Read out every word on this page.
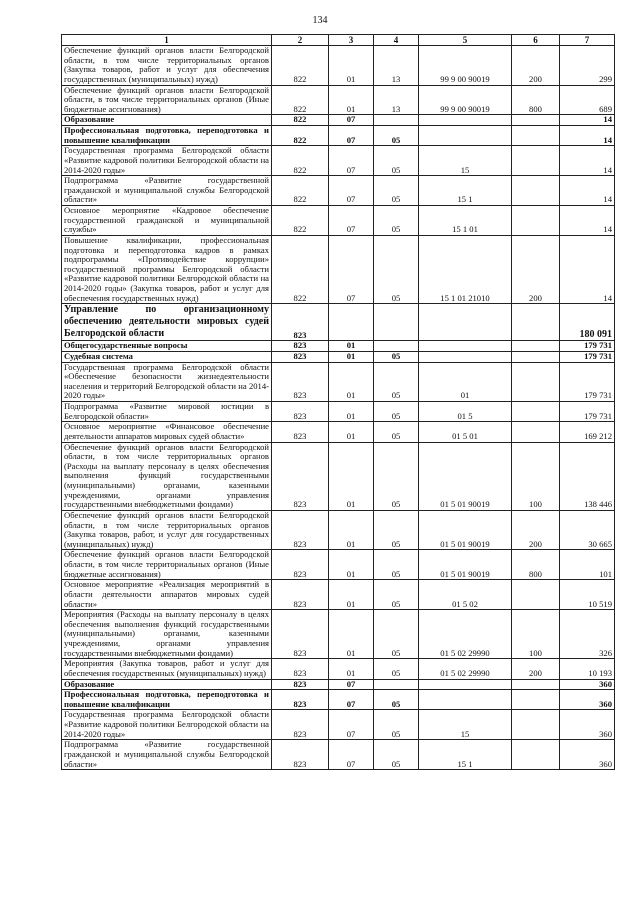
134
1	2	3	4	5	6	7
Обеспечение функций органов власти Белгородской области, в том числе территориальных органов (Закупка товаров, работ и услуг для обеспечения государственных (муниципальных) нужд)	822	01	13	99 9 00 90019	200	299
Обеспечение функций органов власти Белгородской области, в том числе территориальных органов (Иные бюджетные ассигнования)	822	01	13	99 9 00 90019	800	689
Образование	822	07				14
Профессиональная подготовка, переподготовка и повышение квалификации	822	07	05			14
Государственная программа Белгородской области «Развитие кадровой политики Белгородской области на 2014-2020 годы»	822	07	05	15		14
Подпрограмма «Развитие государственной гражданской и муниципальной службы Белгородской области»	822	07	05	15 1		14
Основное мероприятие «Кадровое обеспечение государственной гражданской и муниципальной службы»	822	07	05	15 1 01		14
Повышение квалификации, профессиональная подготовка и переподготовка кадров в рамках подпрограммы «Противодействие коррупции» государственной программы Белгородской области «Развитие кадровой политики Белгородской области на 2014-2020 годы» (Закупка товаров, работ и услуг для обеспечения государственных нужд)	822	07	05	15 1 01 21010	200	14
Управление по организационному обеспечению деятельности мировых судей Белгородской области	823					180 091
Общегосударственные вопросы	823	01				179 731
Судебная система	823	01	05			179 731
Государственная программа Белгородской области «Обеспечение безопасности жизнедеятельности населения и территорий Белгородской области на 2014-2020 годы»	823	01	05	01		179 731
Подпрограмма «Развитие мировой юстиции в Белгородской области»	823	01	05	01 5		179 731
Основное мероприятие «Финансовое обеспечение деятельности аппаратов мировых судей области»	823	01	05	01 5 01		169 212
Обеспечение функций органов власти Белгородской области, в том числе территориальных органов (Расходы на выплату персоналу в целях обеспечения выполнения функций государственными (муниципальными) органами, казенными учреждениями, органами управления государственными внебюджетными фондами)	823	01	05	01 5 01 90019	100	138 446
Обеспечение функций органов власти Белгородской области, в том числе территориальных органов (Закупка товаров, работ, и услуг для государственных (муниципальных) нужд)	823	01	05	01 5 01 90019	200	30 665
Обеспечение функций органов власти Белгородской области, в том числе территориальных органов (Иные бюджетные ассигнования)	823	01	05	01 5 01 90019	800	101
Основное мероприятие «Реализация мероприятий в области деятельности аппаратов мировых судей области»	823	01	05	01 5 02		10 519
Мероприятия (Расходы на выплату персоналу в целях обеспечения выполнения функций государственными (муниципальными) органами, казенными учреждениями, органами управления государственными внебюджетными фондами)	823	01	05	01 5 02 29990	100	326
Мероприятия (Закупка товаров, работ и услуг для обеспечения государственных (муниципальных) нужд)	823	01	05	01 5 02 29990	200	10 193
Образование	823	07				360
Профессиональная подготовка, переподготовка и повышение квалификации	823	07	05			360
Государственная программа Белгородской области «Развитие кадровой политики Белгородской области на 2014-2020 годы»	823	07	05	15		360
Подпрограмма «Развитие государственной гражданской и муниципальной службы Белгородской области»	823	07	05	15 1		360
